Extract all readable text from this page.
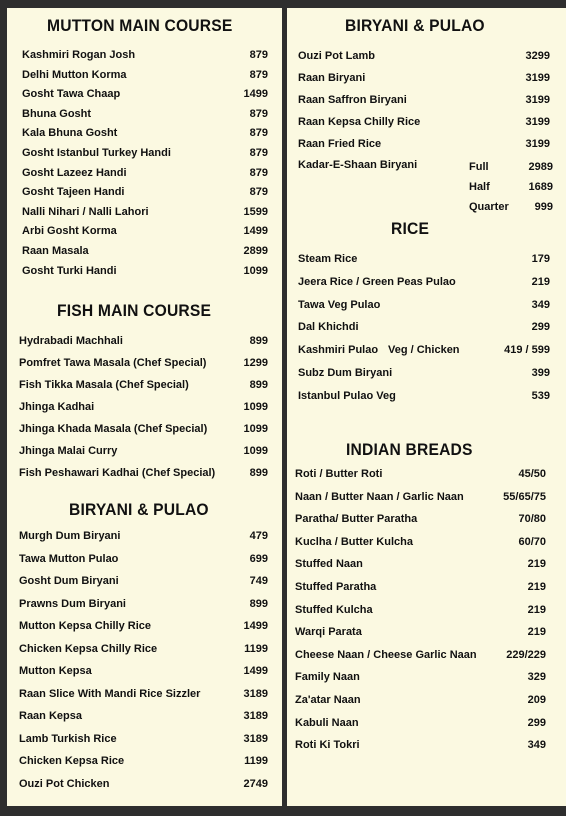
MUTTON MAIN COURSE
Kashmiri Rogan Josh	879
Delhi Mutton Korma	879
Gosht Tawa Chaap	1499
Bhuna Gosht	879
Kala Bhuna Gosht	879
Gosht Istanbul Turkey Handi	879
Gosht Lazeez Handi	879
Gosht Tajeen Handi	879
Nalli Nihari / Nalli Lahori	1599
Arbi Gosht Korma	1499
Raan Masala	2899
Gosht Turki Handi	1099
FISH MAIN COURSE
Hydrabadi Machhali	899
Pomfret Tawa Masala (Chef Special)	1299
Fish Tikka Masala (Chef Special)	899
Jhinga Kadhai	1099
Jhinga Khada Masala (Chef Special)	1099
Jhinga Malai Curry	1099
Fish Peshawari Kadhai (Chef Special)	899
BIRYANI & PULAO
Murgh Dum Biryani	479
Tawa Mutton Pulao	699
Gosht Dum Biryani	749
Prawns Dum Biryani	899
Mutton Kepsa Chilly Rice	1499
Chicken Kepsa Chilly Rice	1199
Mutton Kepsa	1499
Raan Slice With Mandi Rice Sizzler	3189
Raan Kepsa	3189
Lamb Turkish Rice	3189
Chicken Kepsa Rice	1199
Ouzi Pot Chicken	2749
BIRYANI & PULAO
Ouzi Pot Lamb	3299
Raan Biryani	3199
Raan Saffron Biryani	3199
Raan Kepsa Chilly Rice	3199
Raan Fried Rice	3199
Kadar-E-Shaan Biryani	Full	2989
Half	1689
Quarter 999
RICE
Steam Rice	179
Jeera Rice / Green Peas Pulao	219
Tawa Veg Pulao	349
Dal Khichdi	299
Kashmiri Pulao Veg / Chicken	419 / 599
Subz Dum Biryani	399
Istanbul Pulao Veg	539
INDIAN BREADS
Roti / Butter Roti	45/50
Naan / Butter Naan / Garlic Naan	55/65/75
Paratha/ Butter Paratha	70/80
Kuclha / Butter Kulcha	60/70
Stuffed Naan	219
Stuffed Paratha	219
Stuffed Kulcha	219
Warqi Parata	219
Cheese Naan / Cheese Garlic Naan	229/229
Family Naan	329
Za'atar Naan	209
Kabuli Naan	299
Roti Ki Tokri	349
